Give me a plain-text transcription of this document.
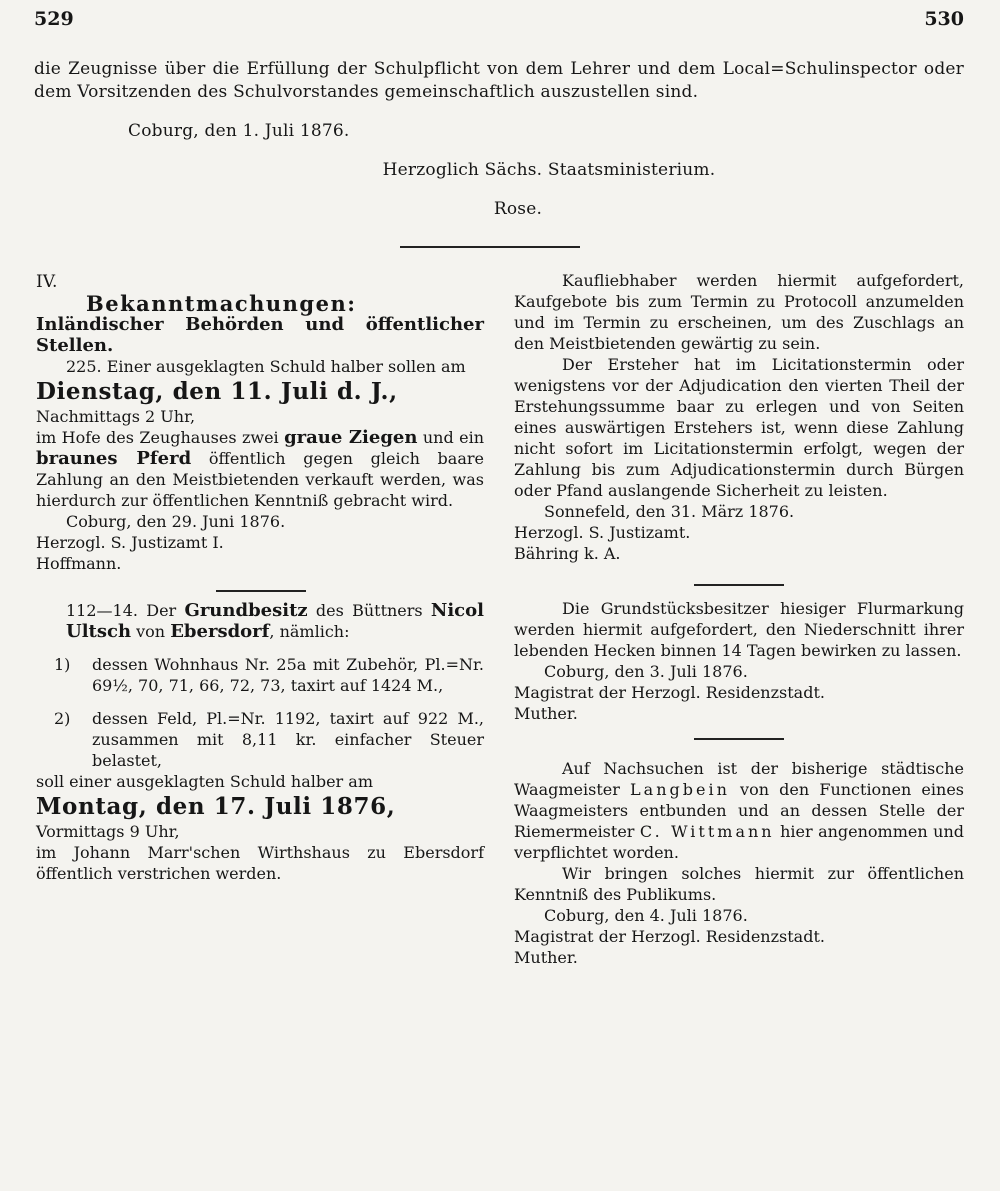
529	530

die Zeugnisse über die Erfüllung der Schulpflicht von dem Lehrer und dem Local=Schulinspector oder dem Vorsitzenden des Schulvorstandes gemeinschaftlich auszustellen sind.

Coburg, den 1. Juli 1876.

Herzoglich Sächs. Staatsministerium.

Rose.

IV.

Bekanntmachungen:

Inländischer Behörden und öffentlicher Stellen.

225. Einer ausgeklagten Schuld halber sollen am

Dienstag, den 11. Juli d. J.,

Nachmittags 2 Uhr,

im Hofe des Zeughauses zwei graue Ziegen und ein braunes Pferd öffentlich gegen gleich baare Zahlung an den Meistbietenden verkauft werden, was hierdurch zur öffentlichen Kenntniß gebracht wird.

Coburg, den 29. Juni 1876.

Herzogl. S. Justizamt I.

Hoffmann.

112—14. Der Grundbesitz des Büttners Nicol Ultsch von Ebersdorf, nämlich:

1)	dessen Wohnhaus Nr. 25a mit Zubehör, Pl.=Nr. 69½, 70, 71, 66, 72, 73, taxirt auf 1424 M.,
2)	dessen Feld, Pl.=Nr. 1192, taxirt auf 922 M., zusammen mit 8,11 kr. einfacher Steuer belastet,

soll einer ausgeklagten Schuld halber am

Montag, den 17. Juli 1876,

Vormittags 9 Uhr,

im Johann Marr'schen Wirthshaus zu Ebersdorf öffentlich verstrichen werden.

Kaufliebhaber werden hiermit aufgefordert, Kaufgebote bis zum Termin zu Protocoll anzumelden und im Termin zu erscheinen, um des Zuschlags an den Meistbietenden gewärtig zu sein.

Der Ersteher hat im Licitationstermin oder wenigstens vor der Adjudication den vierten Theil der Erstehungssumme baar zu erlegen und von Seiten eines auswärtigen Erstehers ist, wenn diese Zahlung nicht sofort im Licitationstermin erfolgt, wegen der Zahlung bis zum Adjudicationstermin durch Bürgen oder Pfand auslangende Sicherheit zu leisten.

Sonnefeld, den 31. März 1876.

Herzogl. S. Justizamt.

Bähring k. A.

Die Grundstücksbesitzer hiesiger Flurmarkung werden hiermit aufgefordert, den Niederschnitt ihrer lebenden Hecken binnen 14 Tagen bewirken zu lassen.

Coburg, den 3. Juli 1876.

Magistrat der Herzogl. Residenzstadt.

Muther.

Auf Nachsuchen ist der bisherige städtische Waagmeister Langbein von den Functionen eines Waagmeisters entbunden und an dessen Stelle der Riemermeister C. Wittmann hier angenommen und verpflichtet worden.

Wir bringen solches hiermit zur öffentlichen Kenntniß des Publikums.

Coburg, den 4. Juli 1876.

Magistrat der Herzogl. Residenzstadt.

Muther.
